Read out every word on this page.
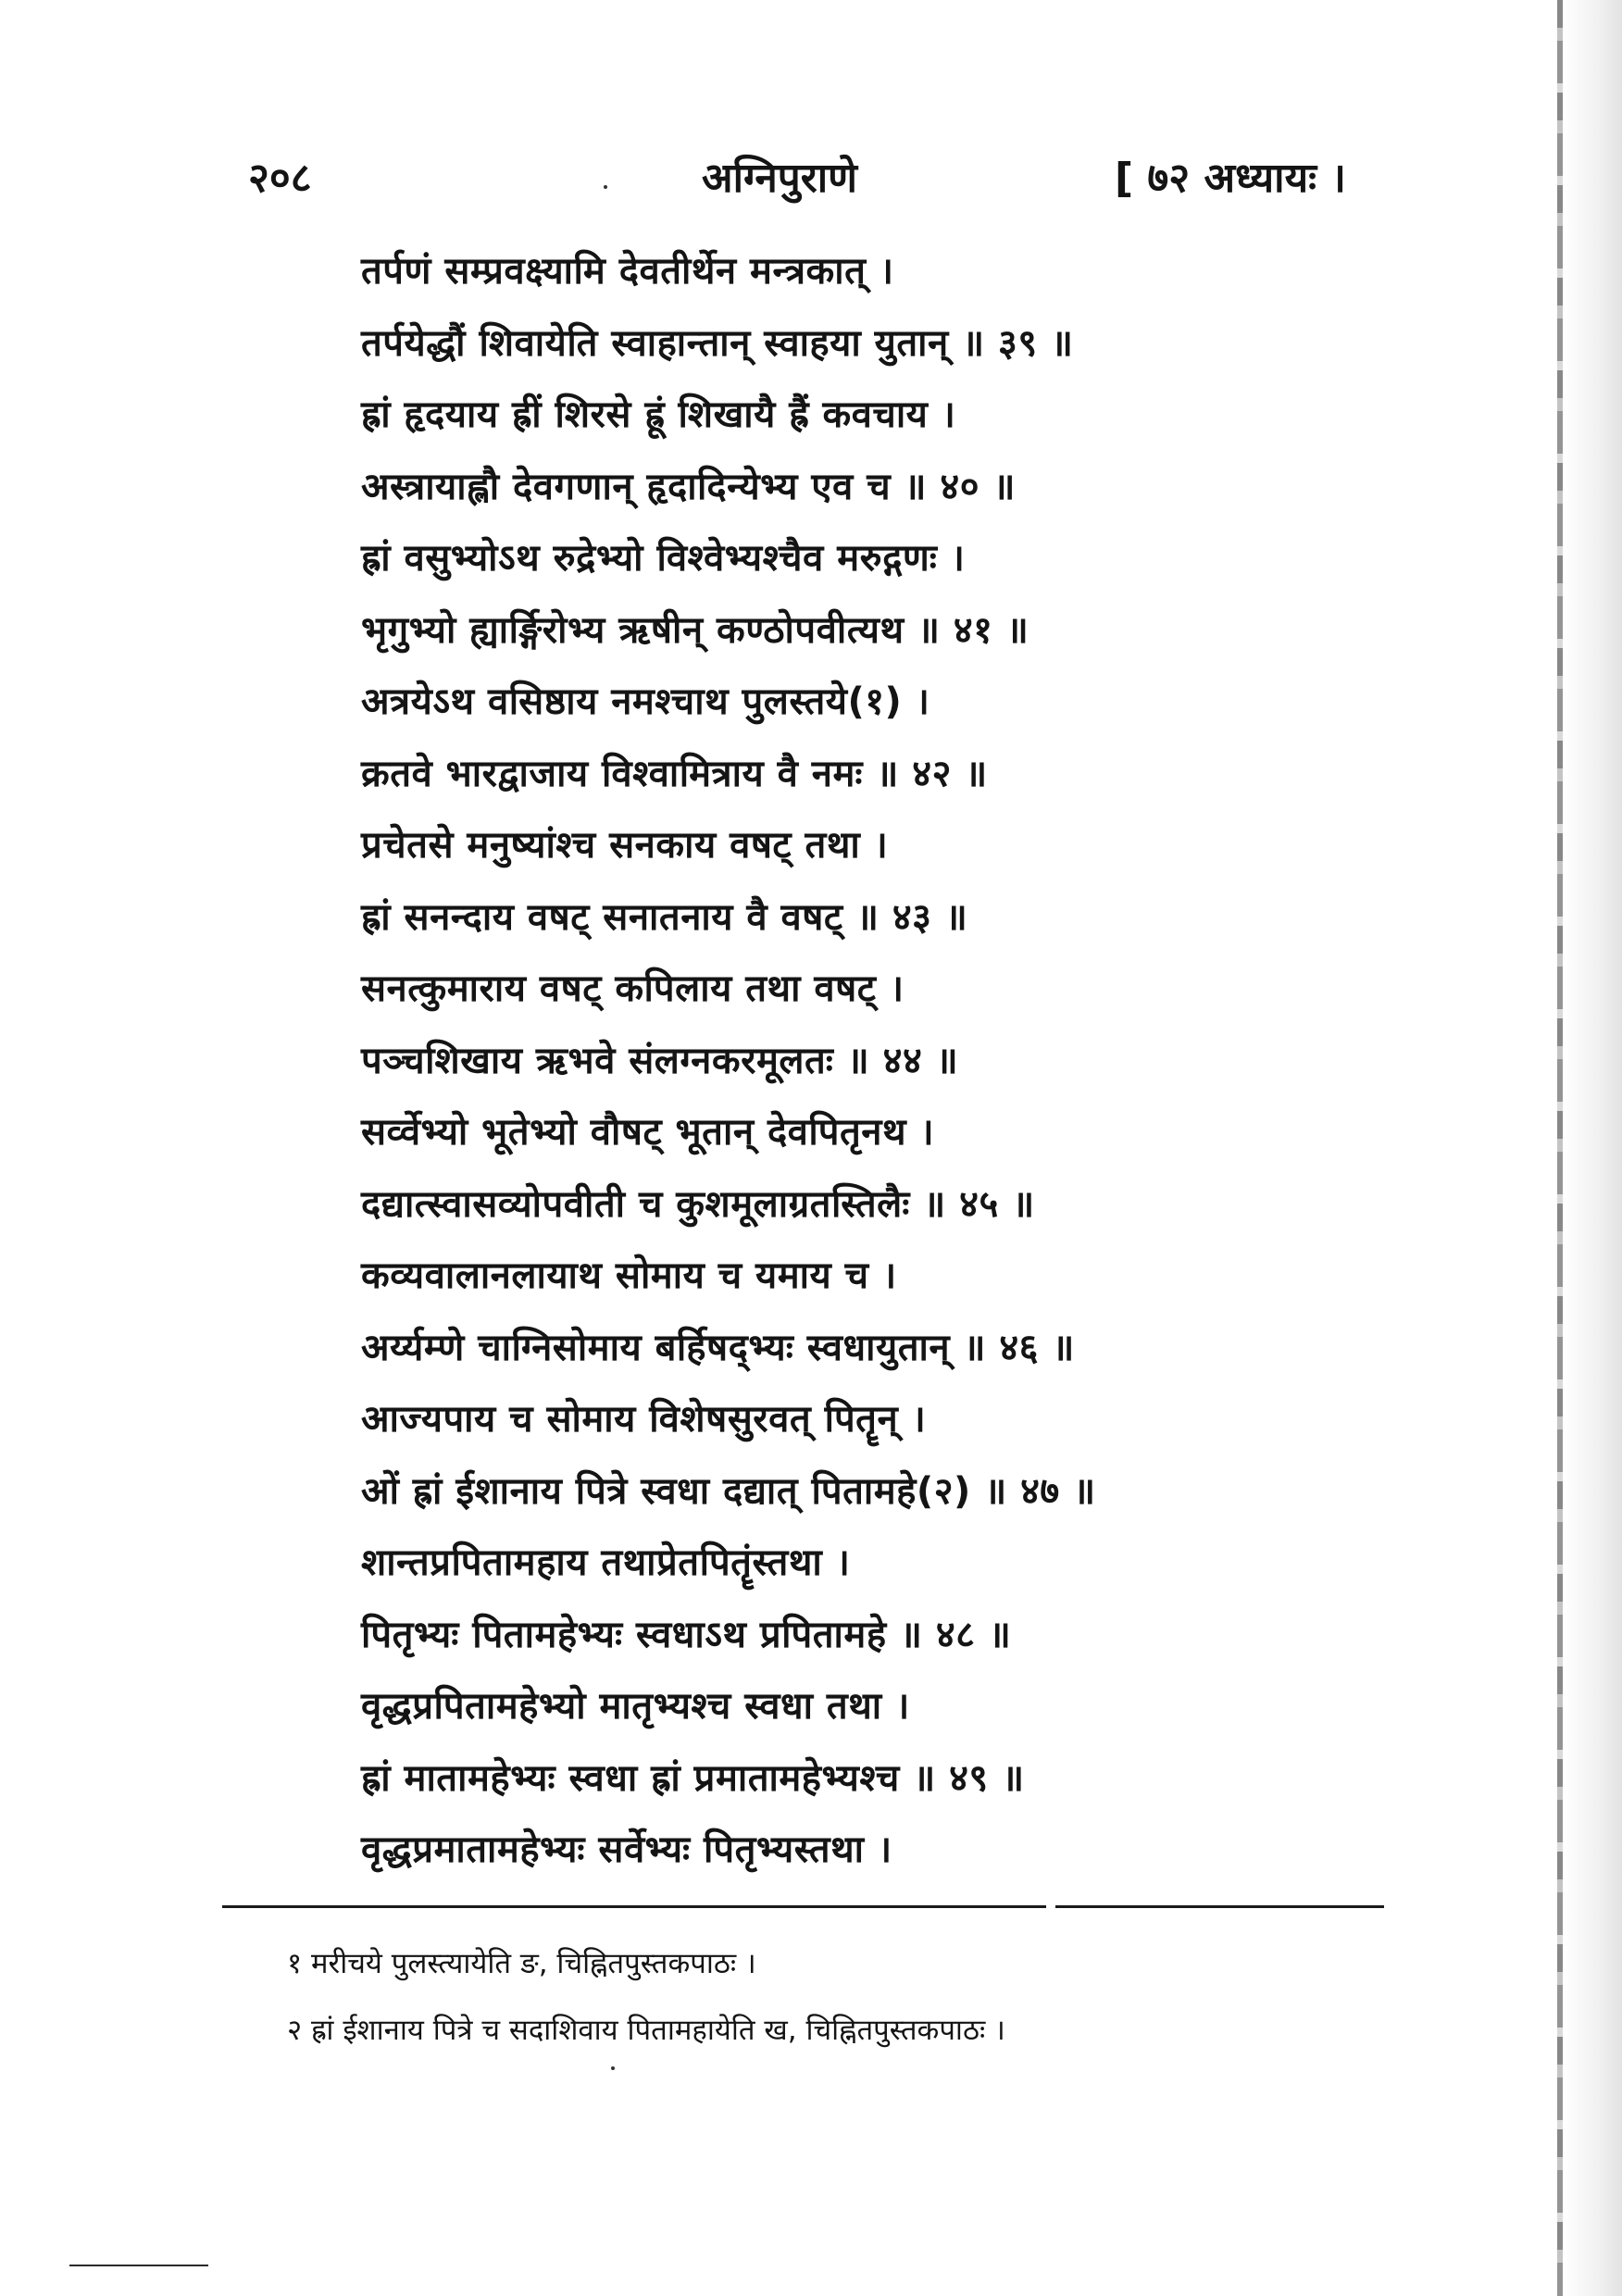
२०८	अग्निपुराणे	[ ७२ अध्यायः ।
तर्पणं सम्प्रवक्ष्यामि देवतीर्थेन मन्त्रकात् ।
तर्पयेद्धौं शिवायेति स्वाहान्तान् स्वाहया युतान् ॥ ३९ ॥
ह्रां हृदयाय ह्रीं शिरसे ह्रूं शिखायै ह्रैं कवचाय ।
अस्त्रायाह्लौ देवगणान् हृदादिन्येभ्य एव च ॥ ४० ॥
ह्रां वसुभ्योऽथ रुद्रेभ्यो विश्वेभ्यश्चैव मरुद्गणः ।
भृगुभ्यो ह्यार्ङ्गिरोभ्य ऋषीन् कण्ठोपवीत्यथ ॥ ४१ ॥
अत्रयेऽथ वसिष्ठाय नमश्चाथ पुलस्तये(१) ।
क्रतवे भारद्वाजाय विश्वामित्राय वै नमः ॥ ४२ ॥
प्रचेतसे मनुष्यांश्च सनकाय वषट् तथा ।
ह्रां सनन्दाय वषट् सनातनाय वै वषट् ॥ ४३ ॥
सनत्कुमाराय वषट् कपिलाय तथा वषट् ।
पञ्चशिखाय ऋभवे संलग्नकरमूलतः ॥ ४४ ॥
सर्व्वेभ्यो भूतेभ्यो वौषट् भूतान् देवपितृनथ ।
दद्यात्स्वासव्योपवीती च कुशमूलाग्रतस्तिलैः ॥ ४५ ॥
कव्यवालानलायाथ सोमाय च यमाय च ।
अर्य्यम्णे चाग्निसोमाय बर्हिषद्भ्यः स्वधायुतान् ॥ ४६ ॥
आज्यपाय च सोमाय विशेषसुरवत् पितॄन् ।
ओं ह्रां ईशानाय पित्रे स्वधा दद्यात् पितामहे(२) ॥ ४७ ॥
शान्तप्रपितामहाय तथाप्रेतपितॄंस्तथा ।
पितृभ्यः पितामहेभ्यः स्वधाऽथ प्रपितामहे ॥ ४८ ॥
वृद्धप्रपितामहेभ्यो मातृभ्यश्च स्वधा तथा ।
ह्रां मातामहेभ्यः स्वधा ह्रां प्रमातामहेभ्यश्च ॥ ४९ ॥
वृद्धप्रमातामहेभ्यः सर्वेभ्यः पितृभ्यस्तथा ।
१ मरीचये पुलस्त्यायेति ङ, चिह्नितपुस्तकपाठः ।
२ ह्रां ईशानाय पित्रे च सदाशिवाय पितामहायेति ख, चिह्नितपुस्तकपाठः ।
